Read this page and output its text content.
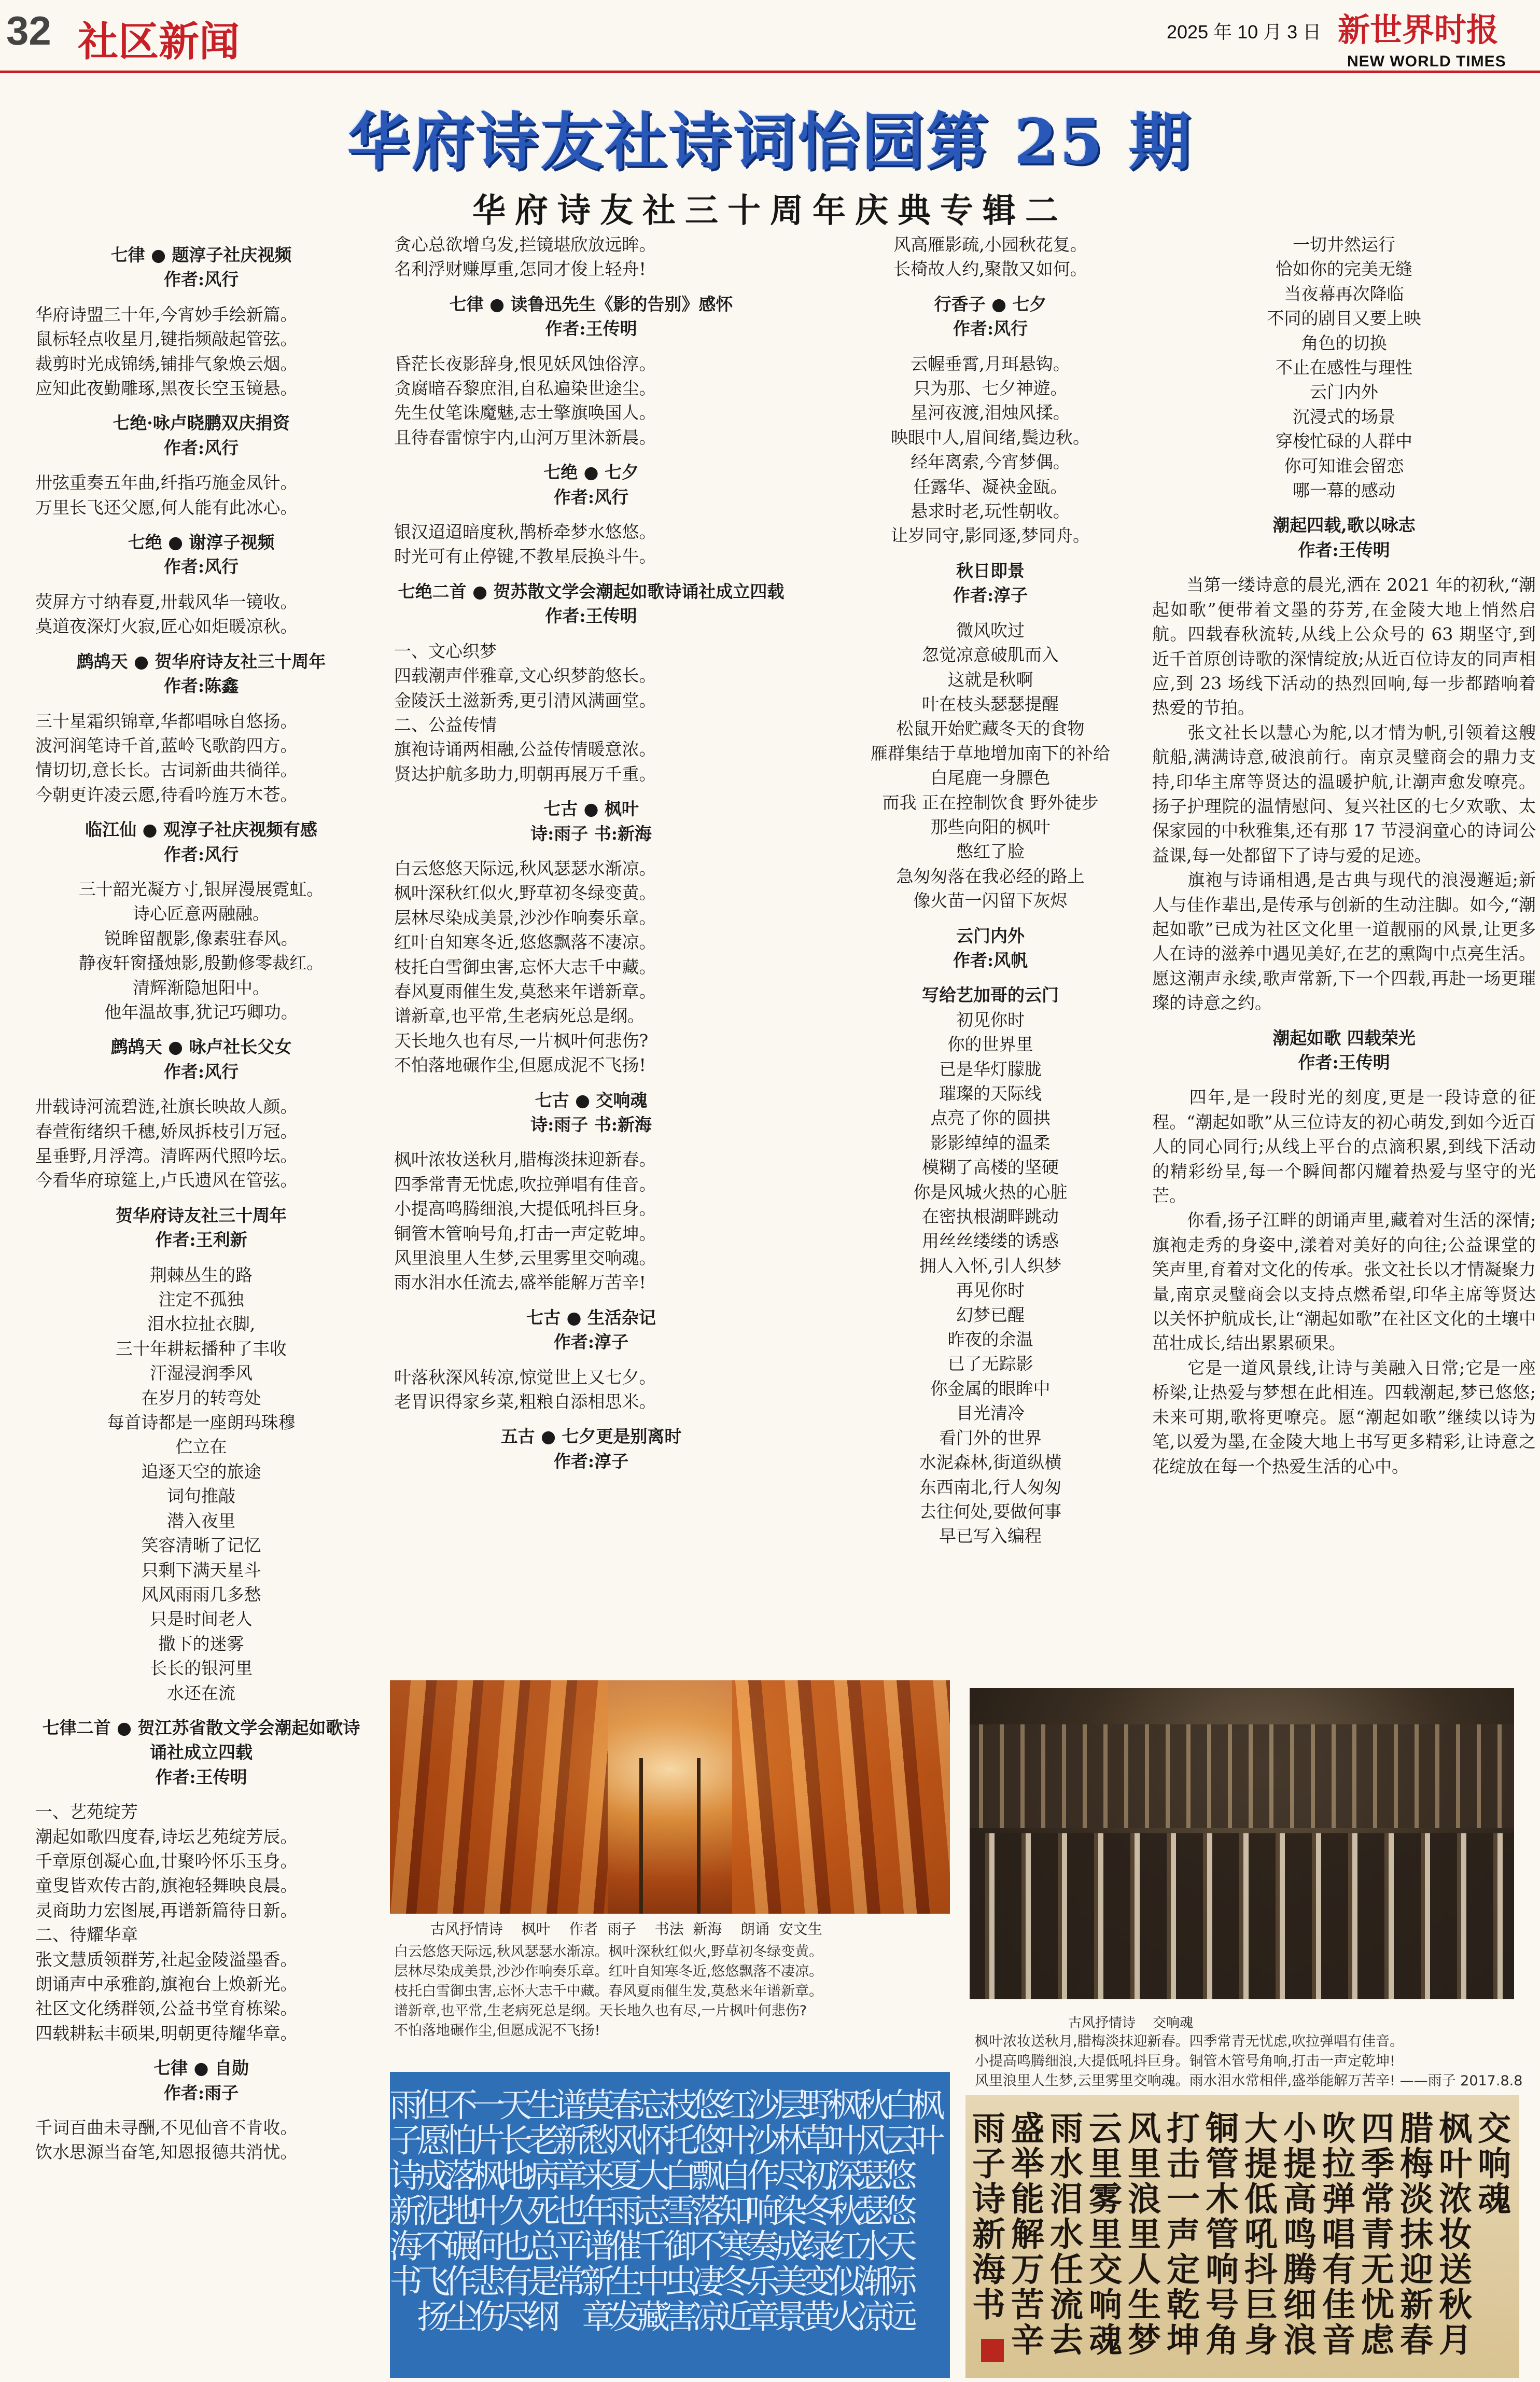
32 社区新闻	2025 年 10 月 3 日 新世界时报
NEW WORLD TIMES
华府诗友社诗词怡园第 25 期
华府诗友社三十周年庆典专辑二
七律 ● 题淳子社庆视频
作者:风行
华府诗盟三十年,今宵妙手绘新篇。
鼠标轻点收星月,键指频敲起管弦。
裁剪时光成锦绣,铺排气象焕云烟。
应知此夜勤雕琢,黑夜长空玉镜悬。
七绝·咏卢晓鹏双庆捐资
作者:风行
卅弦重奏五年曲,纤指巧施金凤针。
万里长飞还父愿,何人能有此冰心。
七绝 ● 谢淳子视频
作者:风行
荧屏方寸纳春夏,卅载风华一镜收。
莫道夜深灯火寂,匠心如炬暖凉秋。
鹧鸪天 ● 贺华府诗友社三十周年
作者:陈鑫
三十星霜织锦章,华都唱咏自悠扬。
波河润笔诗千首,蓝岭飞歌韵四方。
情切切,意长长。古词新曲共徜徉。
今朝更许凌云愿,待看吟旌万木苍。
临江仙 ● 观淳子社庆视频有感
作者:风行
三十韶光凝方寸,银屏漫展霓虹。
诗心匠意两融融。
锐眸留靓影,像素驻春风。
静夜轩窗搔烛影,殷勤修零裁红。
清辉渐隐旭阳中。
他年温故事,犹记巧卿功。
鹧鸪天 ● 咏卢社长父女
作者:风行
卅载诗河流碧涟,社旗长映故人颜。
春萱衔绪织千穗,娇凤拆枝引万冠。
星垂野,月浮湾。清晖两代照吟坛。
今看华府琼筵上,卢氏遗风在管弦。
贺华府诗友社三十周年
作者:王利新
荆棘丛生的路
注定不孤独
泪水拉扯衣脚,
三十年耕耘播种了丰收
汗湿浸润季风
在岁月的转弯处
每首诗都是一座朗玛珠穆
伫立在
追逐天空的旅途
词句推敲
潜入夜里
笑容清晰了记忆
只剩下满天星斗
风风雨雨几多愁
只是时间老人
撒下的迷雾
长长的银河里
水还在流
七律二首 ● 贺江苏省散文学会潮起如歌诗诵社成立四载
作者:王传明
一、艺苑绽芳
潮起如歌四度春,诗坛艺苑绽芳辰。
千章原创凝心血,廿聚吟怀乐玉身。
童叟皆欢传古韵,旗袍轻舞映良晨。
灵商助力宏图展,再谱新篇待日新。
二、待耀华章
张文慧质领群芳,社起金陵溢墨香。
朗诵声中承雅韵,旗袍台上焕新光。
社区文化绣群领,公益书堂育栋梁。
四载耕耘丰硕果,明朝更待耀华章。
七律 ● 自勋
作者:雨子
千词百曲未寻酬,不见仙音不肯收。
饮水思源当奋笔,知恩报德共消忧。
贪心总欲增乌发,拦镜堪欣放远眸。
名利浮财赚厚重,怎同才俊上轻舟!
七律 ● 读鲁迅先生《影的告别》感怀
作者:王传明
昏茫长夜影辞身,恨见妖风蚀俗淳。
贪腐暗吞黎庶泪,自私遍染世途尘。
先生仗笔诛魔魅,志士擎旗唤国人。
且待春雷惊宇内,山河万里沐新晨。
七绝 ● 七夕
作者:风行
银汉迢迢暗度秋,鹊桥牵梦水悠悠。
时光可有止停键,不教星辰换斗牛。
七绝二首 ● 贺苏散文学会潮起如歌诗诵社成立四载
作者:王传明
一、文心织梦
四载潮声伴雅章,文心织梦韵悠长。
金陵沃土滋新秀,更引清风满画堂。
二、公益传情
旗袍诗诵两相融,公益传情暖意浓。
贤达护航多助力,明朝再展万千重。
七古 ● 枫叶
诗:雨子 书:新海
白云悠悠天际远,秋风瑟瑟水渐凉。
枫叶深秋红似火,野草初冬绿变黄。
层林尽染成美景,沙沙作响奏乐章。
红叶自知寒冬近,悠悠飘落不凄凉。
枝托白雪御虫害,忘怀大志千中藏。
春风夏雨催生发,莫愁来年谱新章。
谱新章,也平常,生老病死总是纲。
天长地久也有尽,一片枫叶何悲伤?
不怕落地碾作尘,但愿成泥不飞扬!
七古 ● 交响魂
诗:雨子 书:新海
枫叶浓妆送秋月,腊梅淡抹迎新春。
四季常青无忧虑,吹拉弹唱有佳音。
小提高鸣腾细浪,大提低吼抖巨身。
铜管木管响号角,打击一声定乾坤。
风里浪里人生梦,云里雾里交响魂。
雨水泪水任流去,盛举能解万苦辛!
七古 ● 生活杂记
作者:淳子
叶落秋深风转凉,惊觉世上又七夕。
老胃识得家乡菜,粗粮自添相思米。
五古 ● 七夕更是别离时
作者:淳子
风高雁影疏,小园秋花复。
长椅故人约,聚散又如何。
行香子 ● 七夕
作者:风行
云幄垂霄,月珥悬钩。
只为那、七夕神遊。
星河夜渡,泪烛风揉。
映眼中人,眉间绪,鬓边秋。
经年离索,今宵梦偶。
任露华、凝袂金瓯。
悬求时老,玩性朝收。
让岁同守,影同逐,梦同舟。
秋日即景
作者:淳子
微风吹过
忽觉凉意破肌而入
这就是秋啊
叶在枝头瑟瑟提醒
松鼠开始贮藏冬天的食物
雁群集结于草地增加南下的补给
白尾鹿一身膘色
而我 正在控制饮食 野外徒步
那些向阳的枫叶
憋红了脸
急匆匆落在我必经的路上
像火苗一闪留下灰烬
云门内外
作者:风帆
写给艺加哥的云门
初见你时
你的世界里
已是华灯朦胧
璀璨的天际线
点亮了你的圆拱
影影绰绰的温柔
模糊了高楼的坚硬
你是风城火热的心脏
在密执根湖畔跳动
用丝丝缕缕的诱惑
拥人入怀,引人织梦
再见你时
幻梦已醒
昨夜的余温
已了无踪影
你金属的眼眸中
目光清冷
看门外的世界
水泥森林,街道纵横
东西南北,行人匆匆
去往何处,要做何事
早已写入编程
一切井然运行
恰如你的完美无缝
当夜幕再次降临
不同的剧目又要上映
角色的切换
不止在感性与理性
云门内外
沉浸式的场景
穿梭忙碌的人群中
你可知谁会留恋
哪一幕的感动
潮起四载,歌以咏志
作者:王传明
　　当第一缕诗意的晨光,洒在 2021 年的初秋,“潮起如歌”便带着文墨的芬芳,在金陵大地上悄然启航。四载春秋流转,从线上公众号的 63 期坚守,到近千首原创诗歌的深情绽放;从近百位诗友的同声相应,到 23 场线下活动的热烈回响,每一步都踏响着热爱的节拍。
　　张文社长以慧心为舵,以才情为帆,引领着这艘航船,满满诗意,破浪前行。南京灵璧商会的鼎力支持,印华主席等贤达的温暖护航,让潮声愈发嘹亮。扬子护理院的温情慰问、复兴社区的七夕欢歌、太保家园的中秋雅集,还有那 17 节浸润童心的诗词公益课,每一处都留下了诗与爱的足迹。
　　旗袍与诗诵相遇,是古典与现代的浪漫邂逅;新人与佳作辈出,是传承与创新的生动注脚。如今,“潮起如歌”已成为社区文化里一道靓丽的风景,让更多人在诗的滋养中遇见美好,在艺的熏陶中点亮生活。愿这潮声永续,歌声常新,下一个四载,再赴一场更璀璨的诗意之约。
潮起如歌 四载荣光
作者:王传明
　　四年,是一段时光的刻度,更是一段诗意的征程。“潮起如歌”从三位诗友的初心萌发,到如今近百人的同心同行;从线上平台的点滴积累,到线下活动的精彩纷呈,每一个瞬间都闪耀着热爱与坚守的光芒。
　　你看,扬子江畔的朗诵声里,藏着对生活的深情;旗袍走秀的身姿中,漾着对美好的向往;公益课堂的笑声里,育着对文化的传承。张文社长以才情凝聚力量,南京灵璧商会以支持点燃希望,印华主席等贤达以关怀护航成长,让“潮起如歌”在社区文化的土壤中茁壮成长,结出累累硕果。
　　它是一道风景线,让诗与美融入日常;它是一座桥梁,让热爱与梦想在此相连。四载潮起,梦已悠悠;未来可期,歌将更嘹亮。愿“潮起如歌”继续以诗为笔,以爱为墨,在金陵大地上书写更多精彩,让诗意之花绽放在每一个热爱生活的心中。
古风抒情诗    枫叶    作者  雨子    书法  新海    朗诵  安文生
白云悠悠天际远,秋风瑟瑟水渐凉。枫叶深秋红似火,野草初冬绿变黄。
层林尽染成美景,沙沙作响奏乐章。红叶自知寒冬近,悠悠飘落不凄凉。
枝托白雪御虫害,忘怀大志千中藏。春风夏雨催生发,莫愁来年谱新章。
谱新章,也平常,生老病死总是纲。天长地久也有尽,一片枫叶何悲伤?
不怕落地碾作尘,但愿成泥不飞扬!	古风抒情诗    交响魂
枫叶浓妆送秋月,腊梅淡抹迎新春。四季常青无忧虑,吹拉弹唱有佳音。
小提高鸣腾细浪,大提低吼抖巨身。铜管木管号角响,打击一声定乾坤!
风里浪里人生梦,云里雾里交响魂。雨水泪水常相伴,盛举能解万苦辛! ——雨子 2017.8.8
枫叶
白云悠悠天际远
秋风瑟瑟水渐凉
枫叶深秋红似火
野草初冬绿变黄
层林尽染成美景
沙沙作响奏乐章
红叶自知寒冬近
悠悠飘落不凄凉
枝托白雪御虫害
忘怀大志千中藏
春风夏雨催生发
莫愁来年谱新章
谱新章也平常
生老病死总是纲
天长地久也有尽
一片枫叶何悲伤
不怕落地碾作尘
但愿成泥不飞扬
雨子诗新海书	交响魂
枫叶浓妆送秋月
腊梅淡抹迎新春
四季常青无忧虑
吹拉弹唱有佳音
小提高鸣腾细浪
大提低吼抖巨身
铜管木管响号角
打击一声定乾坤
风里浪里人生梦
云里雾里交响魂
雨水泪水任流去
盛举能解万苦辛
雨子诗新海书
